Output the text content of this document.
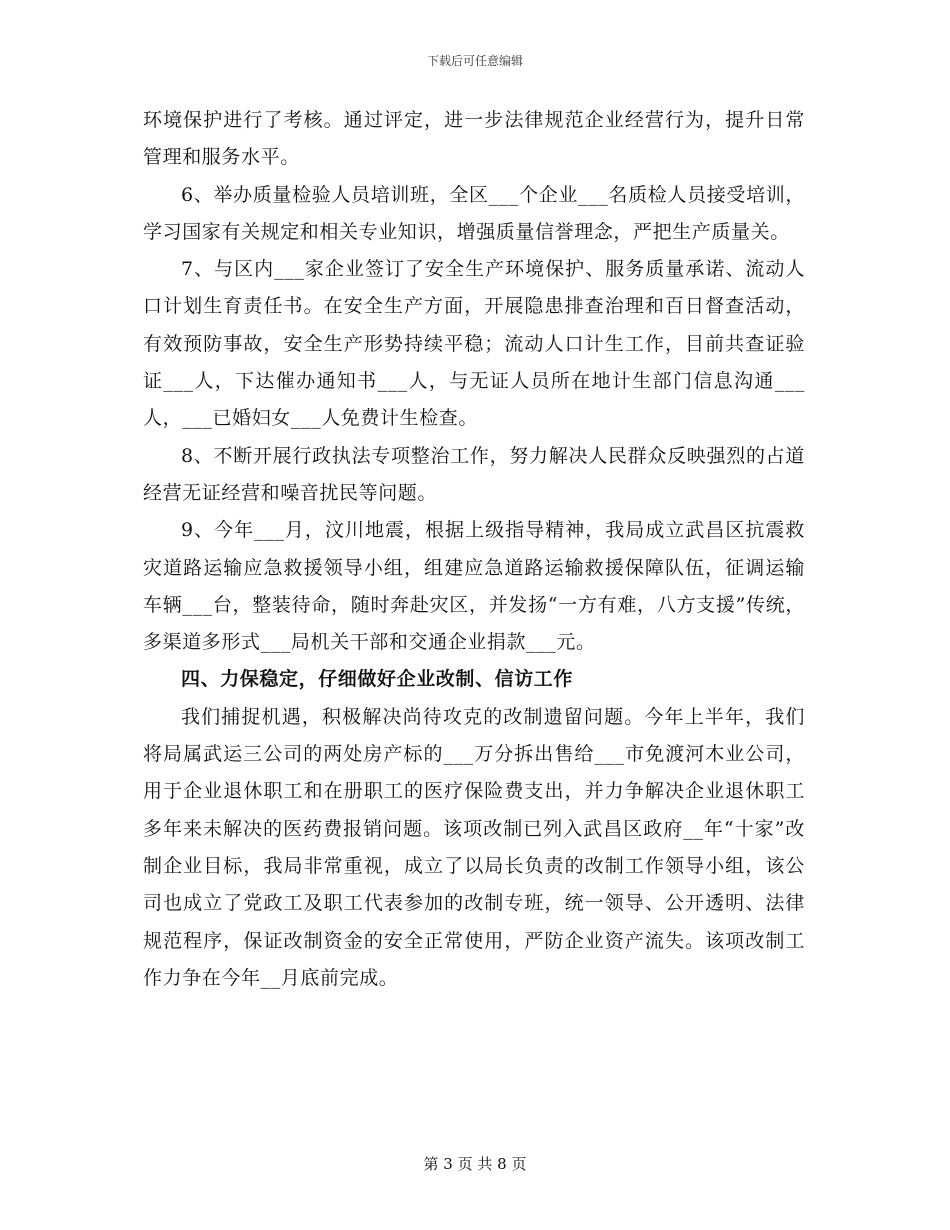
下载后可任意编辑

环境保护进行了考核。通过评定，进一步法律规范企业经营行为，提升日常管理和服务水平。

6、举办质量检验人员培训班，全区___个企业___名质检人员接受培训，学习国家有关规定和相关专业知识，增强质量信誉理念，严把生产质量关。

7、与区内___家企业签订了安全生产环境保护、服务质量承诺、流动人口计划生育责任书。在安全生产方面，开展隐患排查治理和百日督查活动，有效预防事故，安全生产形势持续平稳；流动人口计生工作，目前共查证验证___人，下达催办通知书___人，与无证人员所在地计生部门信息沟通___人，___已婚妇女___人免费计生检查。

8、不断开展行政执法专项整治工作，努力解决人民群众反映强烈的占道经营无证经营和噪音扰民等问题。

9、今年___月，汶川地震，根据上级指导精神，我局成立武昌区抗震救灾道路运输应急救援领导小组，组建应急道路运输救援保障队伍，征调运输车辆___台，整装待命，随时奔赴灾区，并发扬“一方有难，八方支援”传统，多渠道多形式___局机关干部和交通企业捐款___元。

四、力保稳定，仔细做好企业改制、信访工作

我们捕捉机遇，积极解决尚待攻克的改制遗留问题。今年上半年，我们将局属武运三公司的两处房产标的___万分拆出售给___市免渡河木业公司，用于企业退休职工和在册职工的医疗保险费支出，并力争解决企业退休职工多年来未解决的医药费报销问题。该项改制已列入武昌区政府__年“十家”改制企业目标，我局非常重视，成立了以局长负责的改制工作领导小组，该公司也成立了党政工及职工代表参加的改制专班，统一领导、公开透明、法律规范程序，保证改制资金的安全正常使用，严防企业资产流失。该项改制工作力争在今年__月底前完成。

第 3 页 共 8 页
